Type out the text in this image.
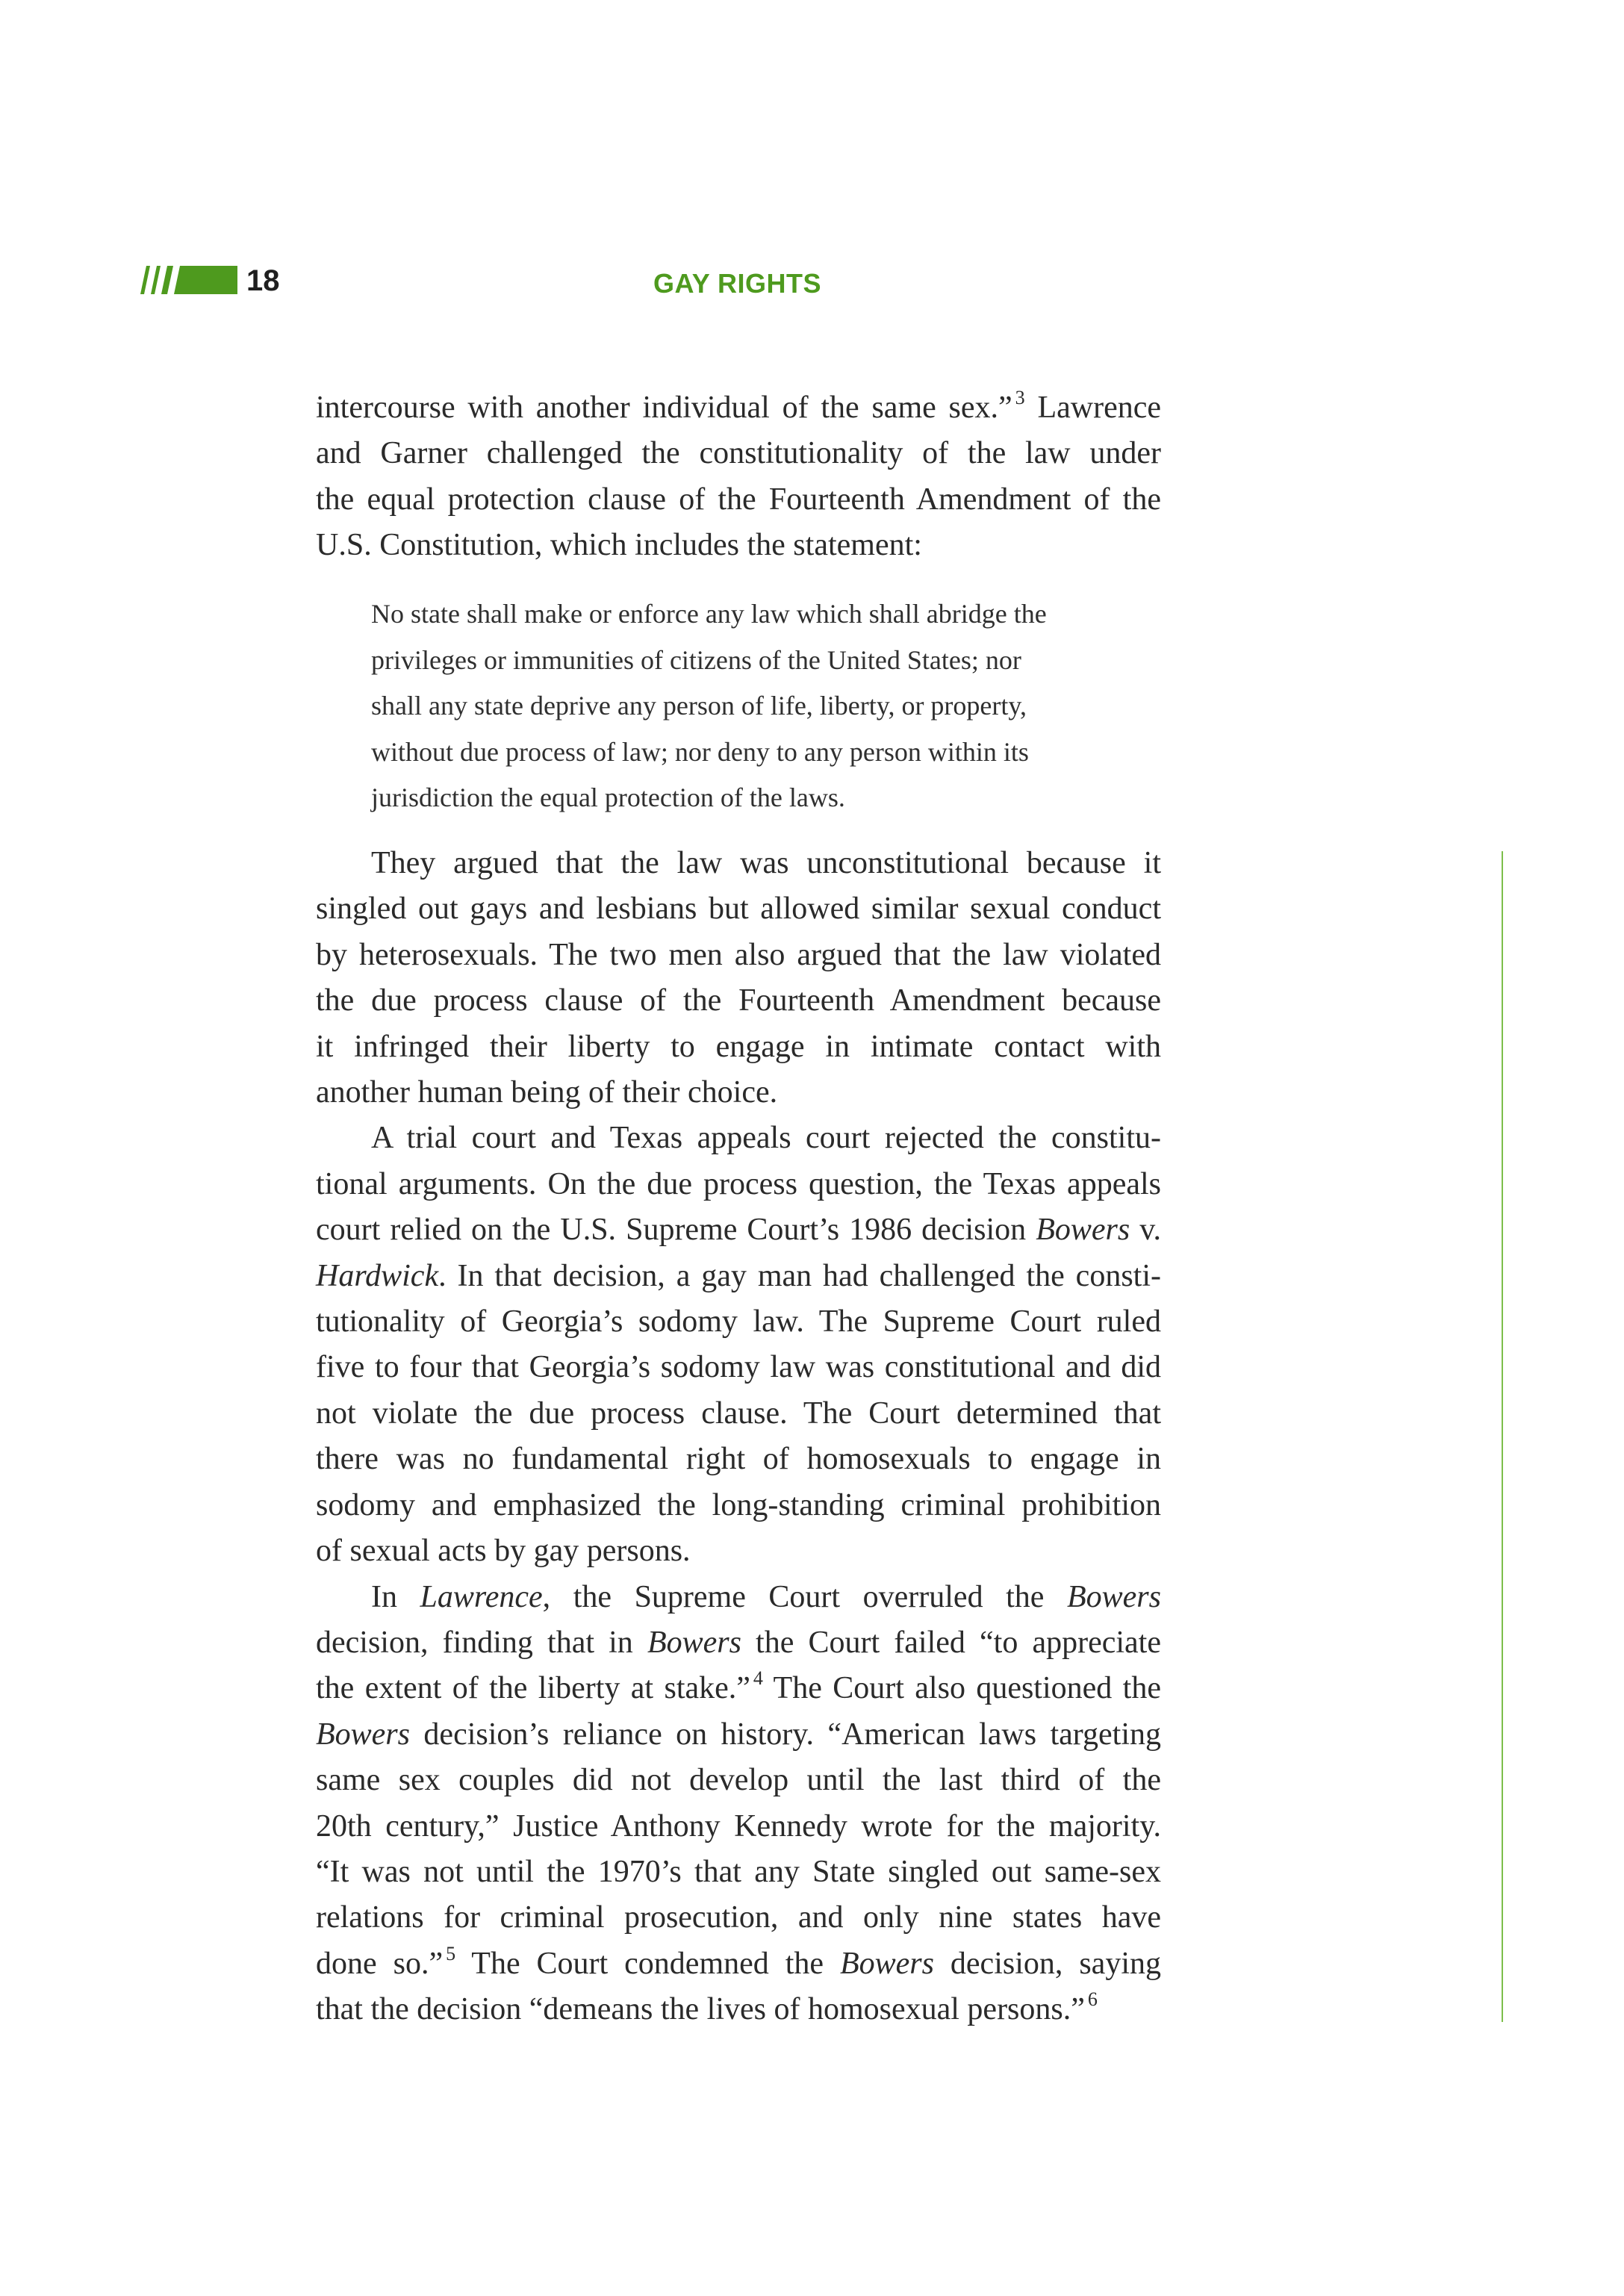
18	GAY RIGHTS
intercourse with another individual of the same sex.” $^3$ Lawrence
and Garner challenged the constitutionality of the law under
the equal protection clause of the Fourteenth Amendment of the
U.S. Constitution, which includes the statement:
No state shall make or enforce any law which shall abridge the
privileges or immunities of citizens of the United States; nor
shall any state deprive any person of life, liberty, or property,
without due process of law; nor deny to any person within its
jurisdiction the equal protection of the laws.
They argued that the law was unconstitutional because it
singled out gays and lesbians but allowed similar sexual conduct
by heterosexuals. The two men also argued that the law violated
the due process clause of the Fourteenth Amendment because
it infringed their liberty to engage in intimate contact with
another human being of their choice.
A trial court and Texas appeals court rejected the constitu-
tional arguments. On the due process question, the Texas appeals
court relied on the U.S. Supreme Court’s 1986 decision Bowers v.
Hardwick. In that decision, a gay man had challenged the consti-
tutionality of Georgia’s sodomy law. The Supreme Court ruled
five to four that Georgia’s sodomy law was constitutional and did
not violate the due process clause. The Court determined that
there was no fundamental right of homosexuals to engage in
sodomy and emphasized the long-standing criminal prohibition
of sexual acts by gay persons.
In Lawrence, the Supreme Court overruled the Bowers
decision, finding that in Bowers the Court failed “to appreciate
the extent of the liberty at stake.” $^4$ The Court also questioned the
Bowers decision’s reliance on history. “American laws targeting
same sex couples did not develop until the last third of the
20th century,” Justice Anthony Kennedy wrote for the majority.
“It was not until the 1970’s that any State singled out same-sex
relations for criminal prosecution, and only nine states have
done so.” $^5$ The Court condemned the Bowers decision, saying
that the decision “demeans the lives of homosexual persons.” $^6$
